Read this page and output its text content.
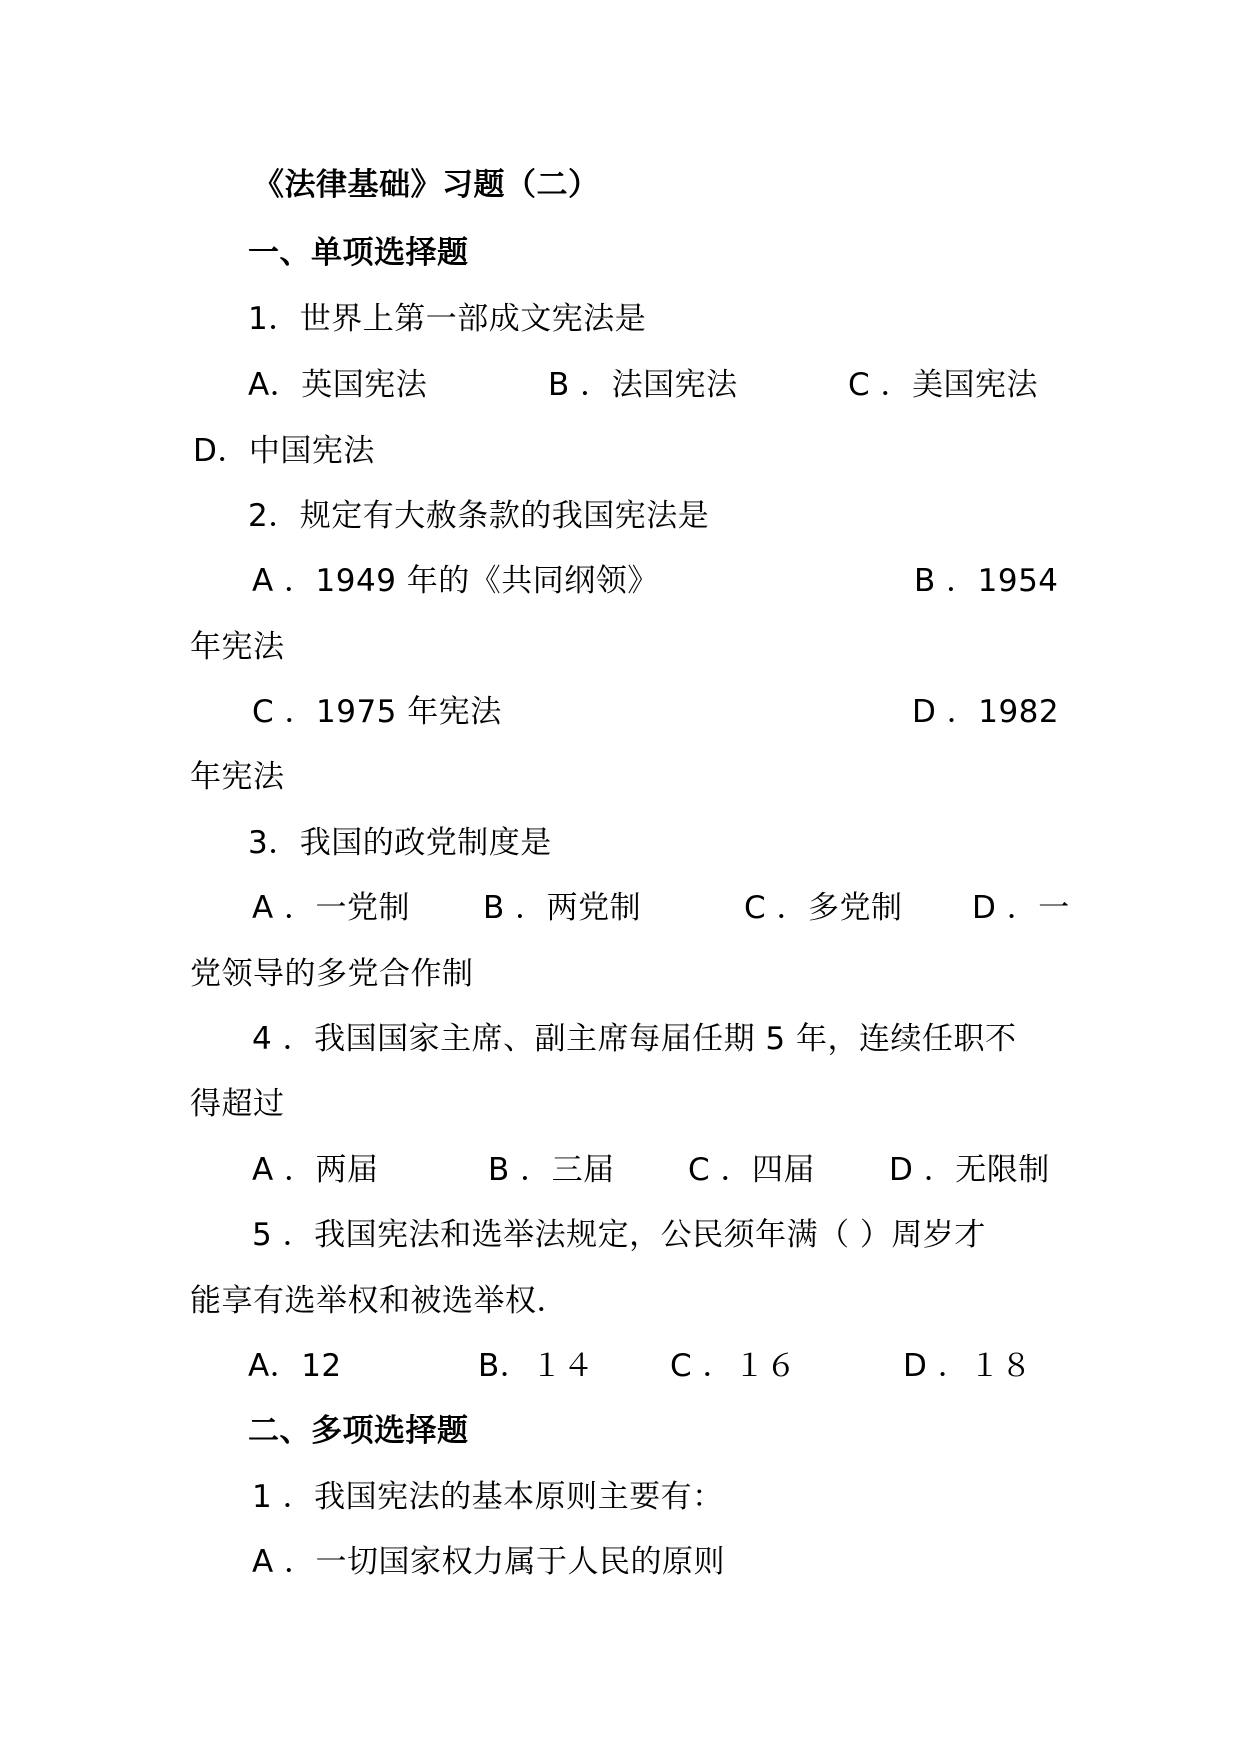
《法律基础》习题（二）
一、单项选择题
1．世界上第一部成文宪法是
A．英国宪法	B ．法国宪法	C ．美国宪法
D．中国宪法
2．规定有大赦条款的我国宪法是
A ．1949 年的《共同纲领》	B ．1954
年宪法
C ．1975 年宪法	D ．1982
年宪法
3．我国的政党制度是
A ．一党制 B ．两党制	C ．多党制 D ．一
党领导的多党合作制
4 ．我国国家主席、副主席每届任期 5 年，连续任职不
得超过
A ．两届	B ．三届 C ．四届 D ．无限制
5 ．我国宪法和选举法规定，公民须年满（ ）周岁才
能享有选举权和被选举权．
A．12	B．１４ C ．１６	D ．１８
二、多项选择题
1 ．我国宪法的基本原则主要有：
A ．一切国家权力属于人民的原则
